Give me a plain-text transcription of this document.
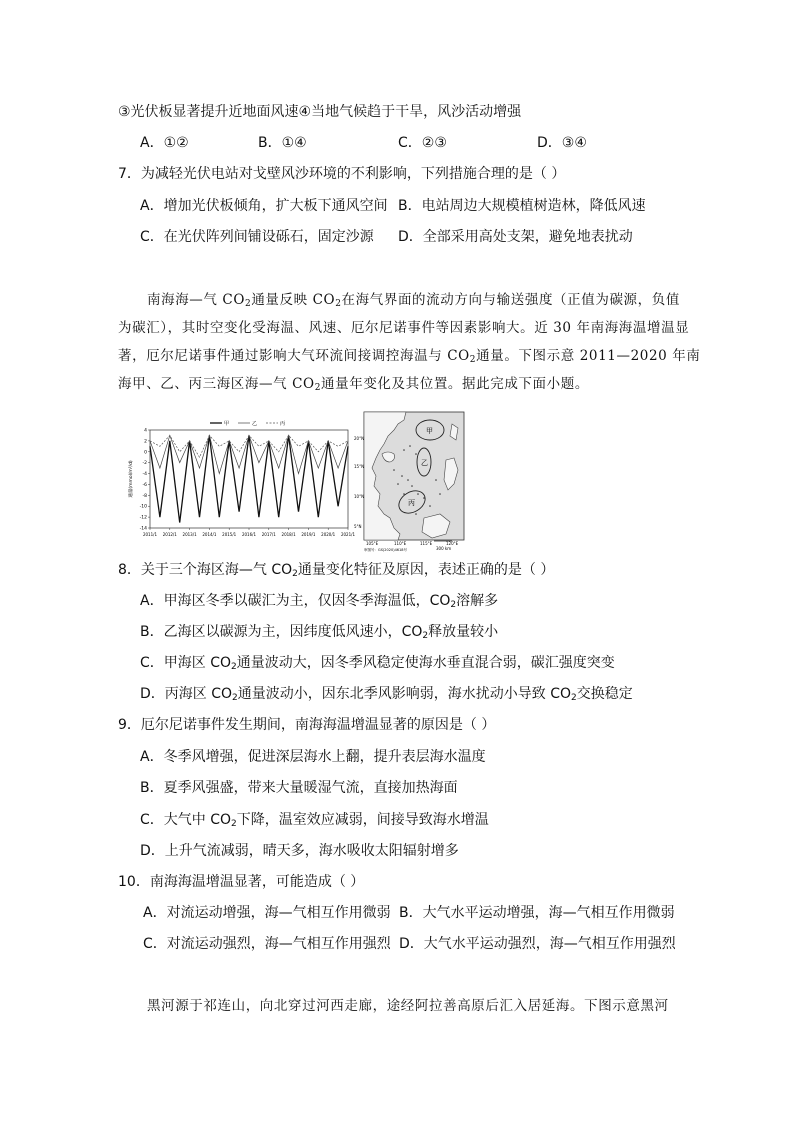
③光伏板显著提升近地面风速④当地气候趋于干旱，风沙活动增强
A．①②	B．①④	C．②③	D．③④
7．为减轻光伏电站对戈壁风沙环境的不利影响，下列措施合理的是（ ）
A．增加光伏板倾角，扩大板下通风空间 B．电站周边大规模植树造林，降低风速
C．在光伏阵列间铺设砾石，固定沙源 D．全部采用高处支架，避免地表扰动
南海海—气 $CO_2$通量反映 $CO_2$在海气界面的流动方向与输送强度（正值为碳源，负值
为碳汇），其时空变化受海温、风速、厄尔尼诺事件等因素影响大。近 30 年南海海温增温显
著，厄尔尼诺事件通过影响大气环流间接调控海温与 $CO_2$通量。下图示意 2011—2020 年南
海甲、乙、丙三海区海—气 $CO_2$通量年变化及其位置。据此完成下面小题。
甲	乙	丙
4
2
0
-2
-4
-6
-8
-10
-12
-14
2011/1 2012/1 2013/1 2014/1 2015/1 2016/1 2017/1 2018/1 2019/1 2020/1 2021/1
通量(mmol/m²/d)
甲
乙
丙
20°N
15°N
10°N
5°N
105°E	110°E	115°E	120°E
300 km
审图号：GS(2020)4618号
8．关于三个海区海—气 $CO_2$通量变化特征及原因，表述正确的是（ ）
A．甲海区冬季以碳汇为主，仅因冬季海温低，$CO_2$溶解多
B．乙海区以碳源为主，因纬度低风速小，$CO_2$释放量较小
C．甲海区 $CO_2$通量波动大，因冬季风稳定使海水垂直混合弱，碳汇强度突变
D．丙海区 $CO_2$通量波动小，因东北季风影响弱，海水扰动小导致 $CO_2$交换稳定
9．厄尔尼诺事件发生期间，南海海温增温显著的原因是（ ）
A．冬季风增强，促进深层海水上翻，提升表层海水温度
B．夏季风强盛，带来大量暖湿气流，直接加热海面
C．大气中 $CO_2$下降，温室效应减弱，间接导致海水增温
D．上升气流减弱，晴天多，海水吸收太阳辐射增多
10．南海海温增温显著，可能造成（ ）
A．对流运动增强，海—气相互作用微弱 B．大气水平运动增强，海—气相互作用微弱
C．对流运动强烈，海—气相互作用强烈 D．大气水平运动强烈，海—气相互作用强烈
黑河源于祁连山，向北穿过河西走廊，途经阿拉善高原后汇入居延海。下图示意黑河
